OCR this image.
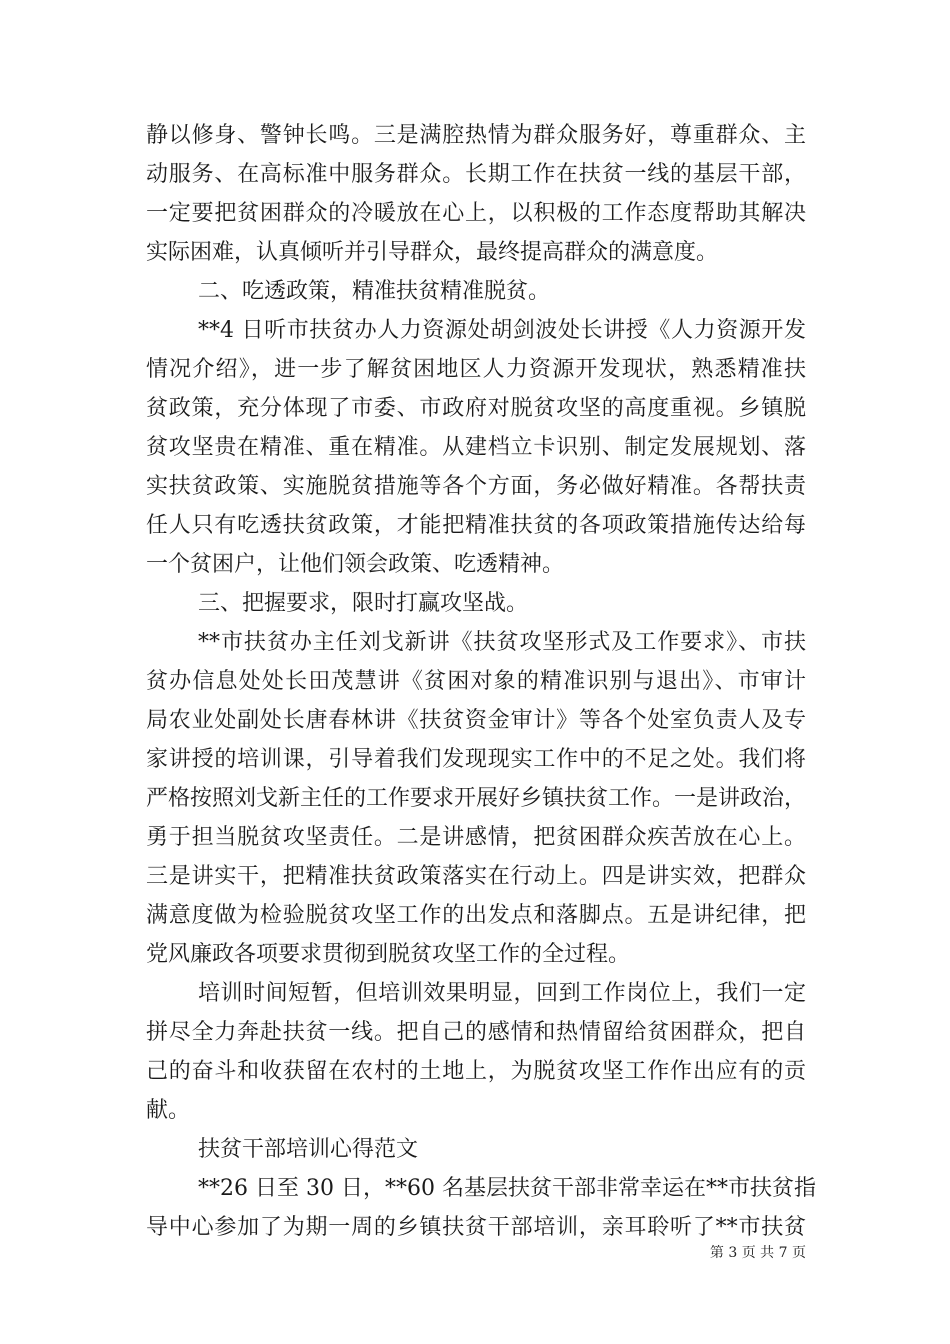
静以修身、警钟长鸣。三是满腔热情为群众服务好，尊重群众、主
动服务、在高标准中服务群众。长期工作在扶贫一线的基层干部，
一定要把贫困群众的冷暖放在心上，以积极的工作态度帮助其解决
实际困难，认真倾听并引导群众，最终提高群众的满意度。
二、吃透政策，精准扶贫精准脱贫。
**4 日听市扶贫办人力资源处胡剑波处长讲授《人力资源开发
情况介绍》，进一步了解贫困地区人力资源开发现状，熟悉精准扶
贫政策，充分体现了市委、市政府对脱贫攻坚的高度重视。乡镇脱
贫攻坚贵在精准、重在精准。从建档立卡识别、制定发展规划、落
实扶贫政策、实施脱贫措施等各个方面，务必做好精准。各帮扶责
任人只有吃透扶贫政策，才能把精准扶贫的各项政策措施传达给每
一个贫困户，让他们领会政策、吃透精神。
三、把握要求，限时打赢攻坚战。
**市扶贫办主任刘戈新讲《扶贫攻坚形式及工作要求》、市扶
贫办信息处处长田茂慧讲《贫困对象的精准识别与退出》、市审计
局农业处副处长唐春林讲《扶贫资金审计》等各个处室负责人及专
家讲授的培训课，引导着我们发现现实工作中的不足之处。我们将
严格按照刘戈新主任的工作要求开展好乡镇扶贫工作。一是讲政治，
勇于担当脱贫攻坚责任。二是讲感情，把贫困群众疾苦放在心上。
三是讲实干，把精准扶贫政策落实在行动上。四是讲实效，把群众
满意度做为检验脱贫攻坚工作的出发点和落脚点。五是讲纪律，把
党风廉政各项要求贯彻到脱贫攻坚工作的全过程。
培训时间短暂，但培训效果明显，回到工作岗位上，我们一定
拼尽全力奔赴扶贫一线。把自己的感情和热情留给贫困群众，把自
己的奋斗和收获留在农村的土地上，为脱贫攻坚工作作出应有的贡
献。
扶贫干部培训心得范文
**26 日至 30 日，**60 名基层扶贫干部非常幸运在**市扶贫指
导中心参加了为期一周的乡镇扶贫干部培训，亲耳聆听了**市扶贫
第 3 页 共 7 页
